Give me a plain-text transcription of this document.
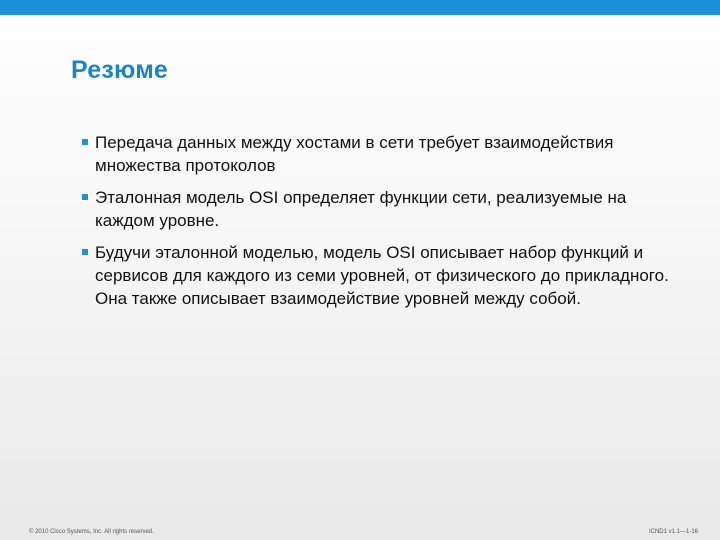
Резюме
Передача данных между хостами в сети требует взаимодействия множества протоколов
Эталонная модель OSI определяет функции сети, реализуемые на каждом уровне.
Будучи эталонной моделью, модель OSI описывает набор функций и сервисов для каждого из семи уровней, от физического до прикладного. Она также описывает взаимодействие уровней между собой.
© 2010 Cisco Systems, Inc. All rights reserved.	ICND1 v1.1—1-16
